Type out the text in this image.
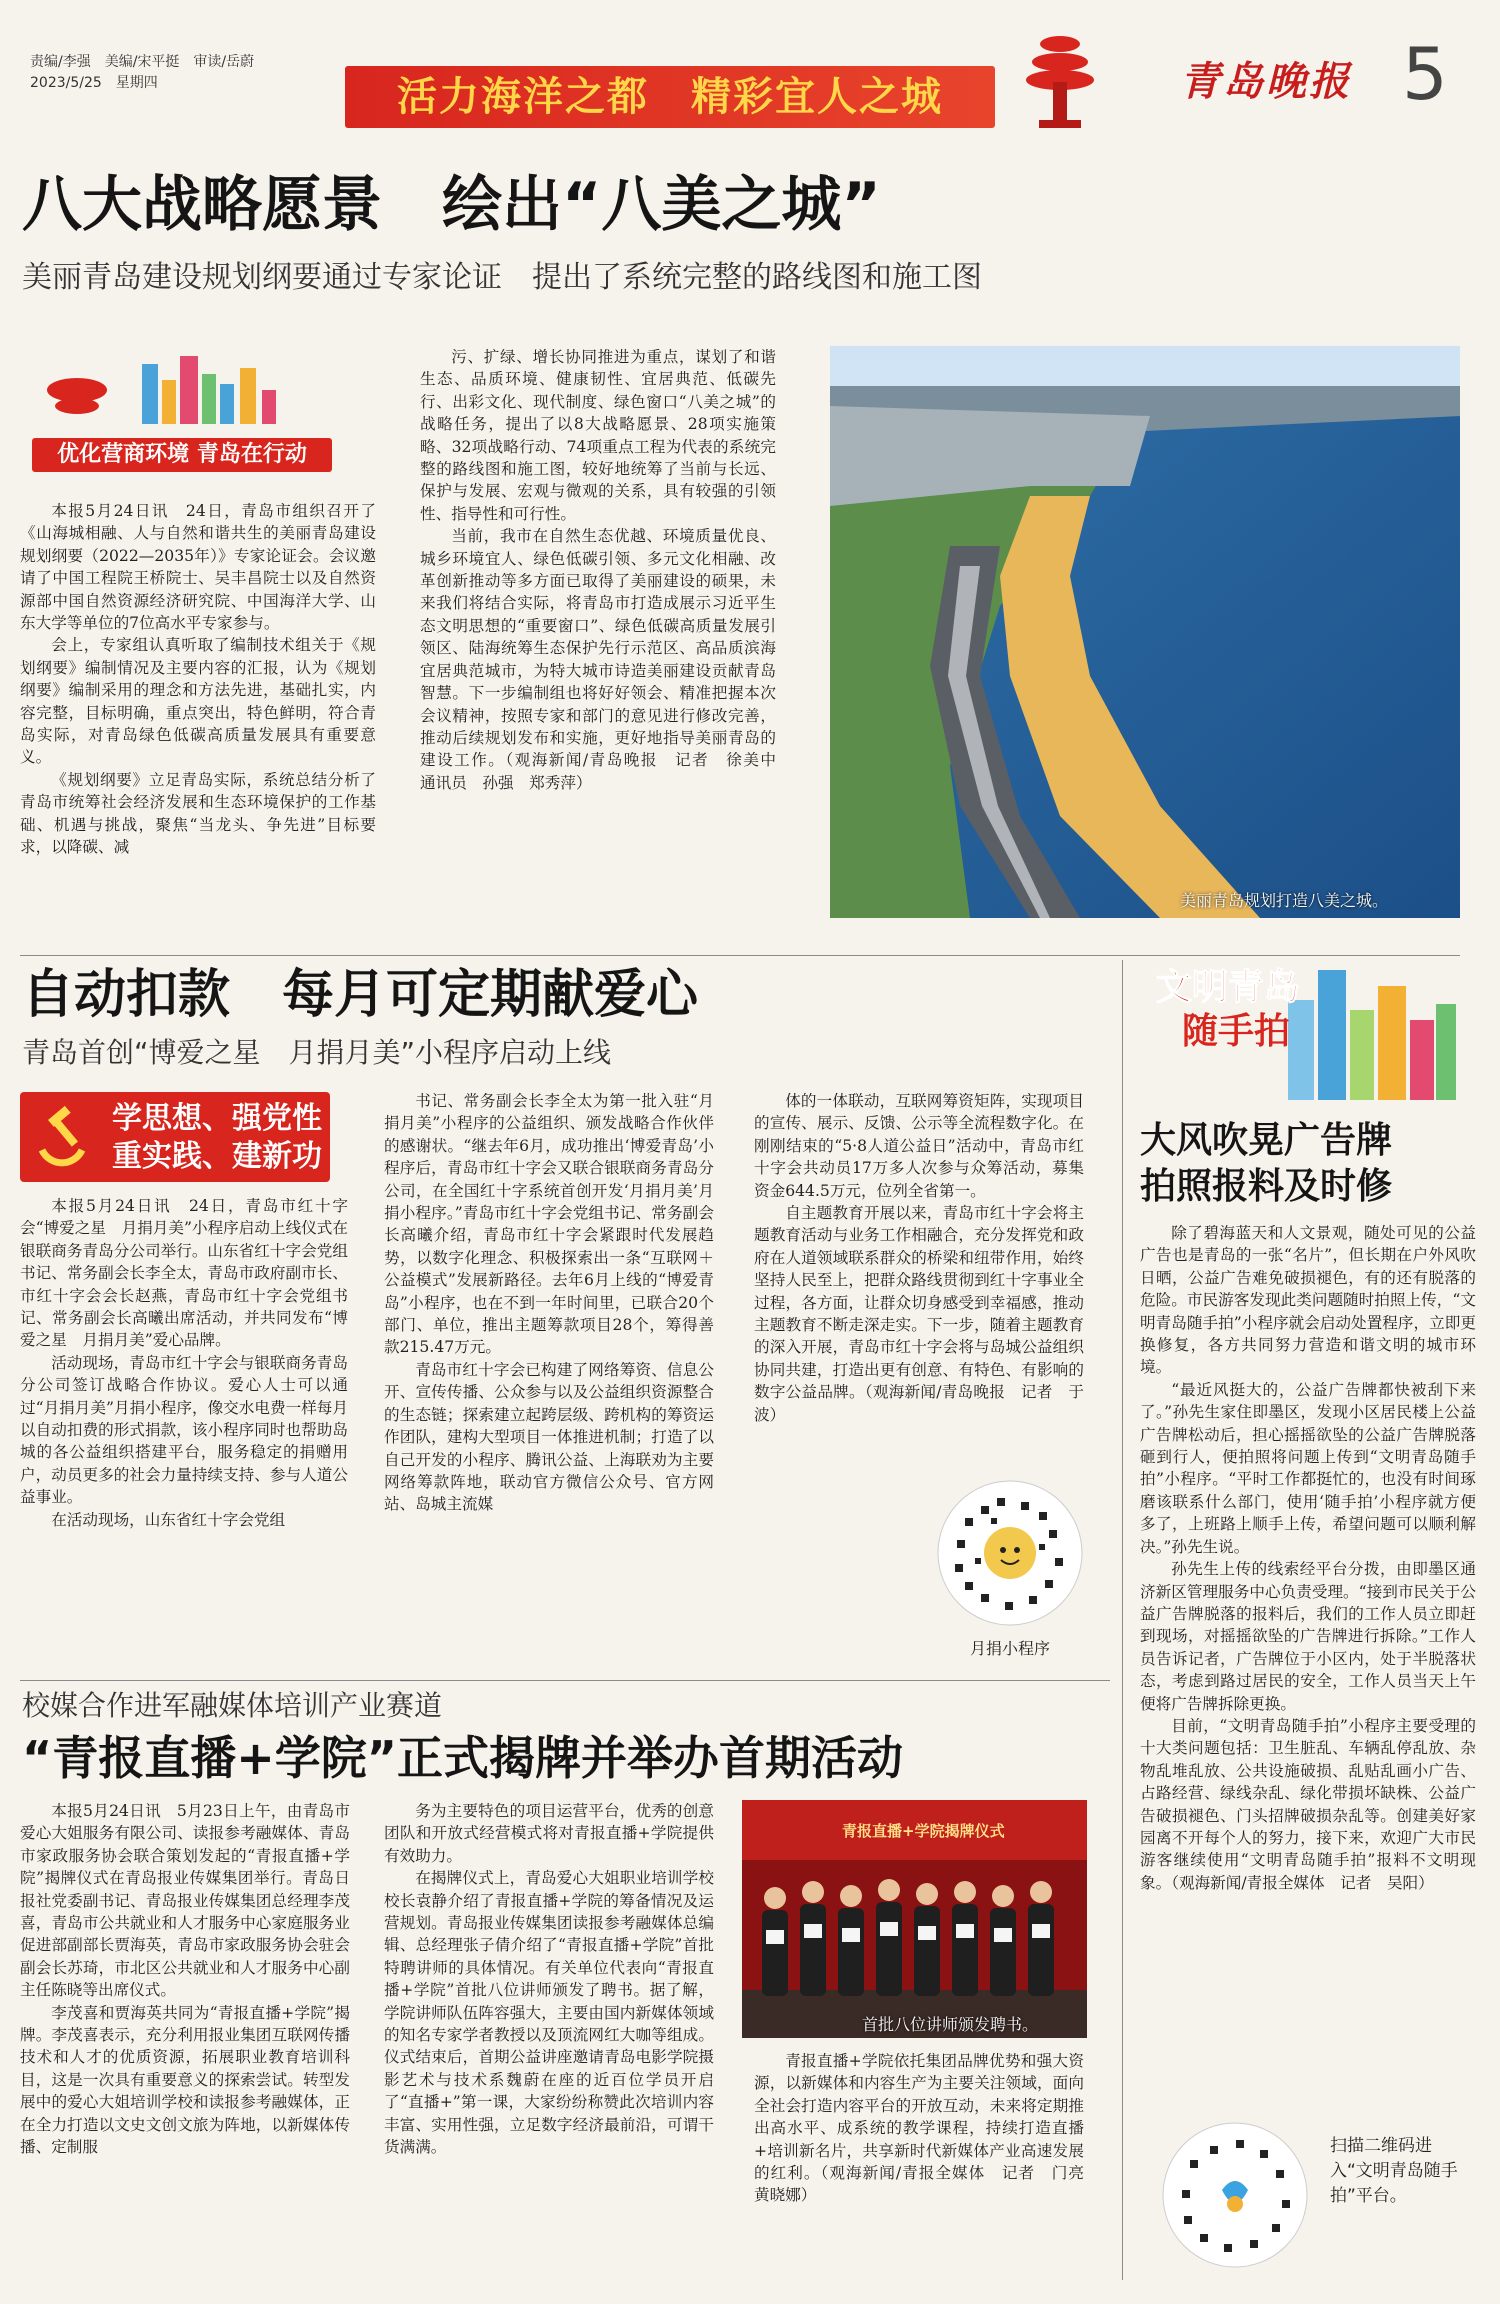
责编/李强　美编/宋平挺　审读/岳蔚
2023/5/25　星期四	活力海洋之都　精彩宜人之城	青岛晚报 5
八大战略愿景　绘出“八美之城”
美丽青岛建设规划纲要通过专家论证　提出了系统完整的路线图和施工图
优化营商环境 青岛在行动

本报5月24日讯　24日，青岛市组织召开了《山海城相融、人与自然和谐共生的美丽青岛建设规划纲要（2022—2035年）》专家论证会。会议邀请了中国工程院王桥院士、吴丰昌院士以及自然资源部中国自然资源经济研究院、中国海洋大学、山东大学等单位的7位高水平专家参与。

会上，专家组认真听取了编制技术组关于《规划纲要》编制情况及主要内容的汇报，认为《规划纲要》编制采用的理念和方法先进，基础扎实，内容完整，目标明确，重点突出，特色鲜明，符合青岛实际，对青岛绿色低碳高质量发展具有重要意义。

《规划纲要》立足青岛实际，系统总结分析了青岛市统筹社会经济发展和生态环境保护的工作基础、机遇与挑战，聚焦“当龙头、争先进”目标要求，以降碳、减

污、扩绿、增长协同推进为重点，谋划了和谐生态、品质环境、健康韧性、宜居典范、低碳先行、出彩文化、现代制度、绿色窗口“八美之城”的战略任务，提出了以8大战略愿景、28项实施策略、32项战略行动、74项重点工程为代表的系统完整的路线图和施工图，较好地统筹了当前与长远、保护与发展、宏观与微观的关系，具有较强的引领性、指导性和可行性。

当前，我市在自然生态优越、环境质量优良、城乡环境宜人、绿色低碳引领、多元文化相融、改革创新推动等多方面已取得了美丽建设的硕果，未来我们将结合实际，将青岛市打造成展示习近平生态文明思想的“重要窗口”、绿色低碳高质量发展引领区、陆海统筹生态保护先行示范区、高品质滨海宜居典范城市，为特大城市诗造美丽建设贡献青岛智慧。下一步编制组也将好好领会、精准把握本次会议精神，按照专家和部门的意见进行修改完善，推动后续规划发布和实施，更好地指导美丽青岛的建设工作。（观海新闻/青岛晚报　记者　徐美中　通讯员　孙强　郑秀萍）

美丽青岛规划打造八美之城。
自动扣款　每月可定期献爱心
青岛首创“博爱之星　月捐月美”小程序启动上线
学思想、强党性
重实践、建新功

本报5月24日讯　24日，青岛市红十字会“博爱之星　月捐月美”小程序启动上线仪式在银联商务青岛分公司举行。山东省红十字会党组书记、常务副会长李全太，青岛市政府副市长、市红十字会会长赵燕，青岛市红十字会党组书记、常务副会长高曦出席活动，并共同发布“博爱之星　月捐月美”爱心品牌。

活动现场，青岛市红十字会与银联商务青岛分公司签订战略合作协议。爱心人士可以通过“月捐月美”月捐小程序，像交水电费一样每月以自动扣费的形式捐款，该小程序同时也帮助岛城的各公益组织搭建平台，服务稳定的捐赠用户，动员更多的社会力量持续支持、参与人道公益事业。

在活动现场，山东省红十字会党组

书记、常务副会长李全太为第一批入驻“月捐月美”小程序的公益组织、颁发战略合作伙伴的感谢状。“继去年6月，成功推出‘博爱青岛’小程序后，青岛市红十字会又联合银联商务青岛分公司，在全国红十字系统首创开发‘月捐月美’月捐小程序。”青岛市红十字会党组书记、常务副会长高曦介绍，青岛市红十字会紧跟时代发展趋势，以数字化理念、积极探索出一条“互联网＋公益模式”发展新路径。去年6月上线的“博爱青岛”小程序，也在不到一年时间里，已联合20个部门、单位，推出主题筹款项目28个，筹得善款215.47万元。

青岛市红十字会已构建了网络筹资、信息公开、宣传传播、公众参与以及公益组织资源整合的生态链；探索建立起跨层级、跨机构的筹资运作团队，建构大型项目一体推进机制；打造了以自己开发的小程序、腾讯公益、上海联劝为主要网络筹款阵地，联动官方微信公众号、官方网站、岛城主流媒

体的一体联动，互联网筹资矩阵，实现项目的宣传、展示、反馈、公示等全流程数字化。在刚刚结束的“5·8人道公益日”活动中，青岛市红十字会共动员17万多人次参与众筹活动，募集资金644.5万元，位列全省第一。

自主题教育开展以来，青岛市红十字会将主题教育活动与业务工作相融合，充分发挥党和政府在人道领域联系群众的桥梁和纽带作用，始终坚持人民至上，把群众路线贯彻到红十字事业全过程，各方面，让群众切身感受到幸福感，推动主题教育不断走深走实。下一步，随着主题教育的深入开展，青岛市红十字会将与岛城公益组织协同共建，打造出更有创意、有特色、有影响的数字公益品牌。（观海新闻/青岛晚报　记者　于波）

月捐小程序
文明青岛
随手拍
大风吹晃广告牌
拍照报料及时修

除了碧海蓝天和人文景观，随处可见的公益广告也是青岛的一张“名片”，但长期在户外风吹日晒，公益广告难免破损褪色，有的还有脱落的危险。市民游客发现此类问题随时拍照上传，“文明青岛随手拍”小程序就会启动处置程序，立即更换修复，各方共同努力营造和谐文明的城市环境。

“最近风挺大的，公益广告牌都快被刮下来了。”孙先生家住即墨区，发现小区居民楼上公益广告牌松动后，担心摇摇欲坠的公益广告牌脱落砸到行人，便拍照将问题上传到“文明青岛随手拍”小程序。“平时工作都挺忙的，也没有时间琢磨该联系什么部门，使用‘随手拍’小程序就方便多了，上班路上顺手上传，希望问题可以顺利解决。”孙先生说。

孙先生上传的线索经平台分拨，由即墨区通济新区管理服务中心负责受理。“接到市民关于公益广告牌脱落的报料后，我们的工作人员立即赶到现场，对摇摇欲坠的广告牌进行拆除。”工作人员告诉记者，广告牌位于小区内，处于半脱落状态，考虑到路过居民的安全，工作人员当天上午便将广告牌拆除更换。

目前，“文明青岛随手拍”小程序主要受理的十大类问题包括：卫生脏乱、车辆乱停乱放、杂物乱堆乱放、公共设施破损、乱贴乱画小广告、占路经营、绿线杂乱、绿化带损坏缺株、公益广告破损褪色、门头招牌破损杂乱等。创建美好家园离不开每个人的努力，接下来，欢迎广大市民游客继续使用“文明青岛随手拍”报料不文明现象。（观海新闻/青报全媒体　记者　吴阳）

扫描二维码进入“文明青岛随手拍”平台。
校媒合作进军融媒体培训产业赛道
“青报直播+学院”正式揭牌并举办首期活动

本报5月24日讯　5月23日上午，由青岛市爱心大姐服务有限公司、读报参考融媒体、青岛市家政服务协会联合策划发起的“青报直播+学院”揭牌仪式在青岛报业传媒集团举行。青岛日报社党委副书记、青岛报业传媒集团总经理李茂喜，青岛市公共就业和人才服务中心家庭服务业促进部副部长贾海英，青岛市家政服务协会驻会副会长苏琦，市北区公共就业和人才服务中心副主任陈晓等出席仪式。

李茂喜和贾海英共同为“青报直播+学院”揭牌。李茂喜表示，充分利用报业集团互联网传播技术和人才的优质资源，拓展职业教育培训科目，这是一次具有重要意义的探索尝试。转型发展中的爱心大姐培训学校和读报参考融媒体，正在全力打造以文史文创文旅为阵地，以新媒体传播、定制服

务为主要特色的项目运营平台，优秀的创意团队和开放式经营模式将对青报直播+学院提供有效助力。

在揭牌仪式上，青岛爱心大姐职业培训学校校长袁静介绍了青报直播+学院的筹备情况及运营规划。青岛报业传媒集团读报参考融媒体总编辑、总经理张子倩介绍了“青报直播+学院”首批特聘讲师的具体情况。有关单位代表向“青报直播+学院”首批八位讲师颁发了聘书。据了解，学院讲师队伍阵容强大，主要由国内新媒体领域的知名专家学者教授以及顶流网红大咖等组成。仪式结束后，首期公益讲座邀请青岛电影学院摄影艺术与技术系魏蔚在座的近百位学员开启了“直播+”第一课，大家纷纷称赞此次培训内容丰富、实用性强，立足数字经济最前沿，可谓干货满满。

青报直播+学院揭牌仪式
首批八位讲师颁发聘书。

青报直播+学院依托集团品牌优势和强大资源，以新媒体和内容生产为主要关注领域，面向全社会打造内容平台的开放互动，未来将定期推出高水平、成系统的教学课程，持续打造直播+培训新名片，共享新时代新媒体产业高速发展的红利。（观海新闻/青报全媒体　记者　门亮　黄晓娜）
